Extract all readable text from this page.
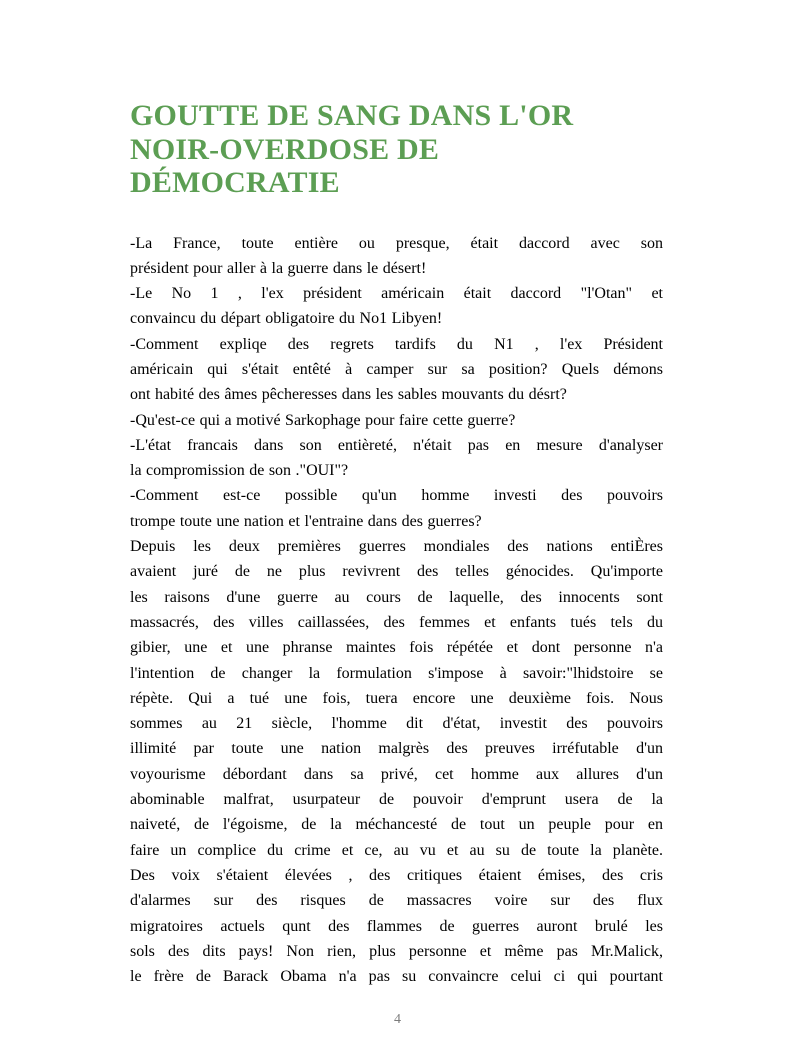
GOUTTE DE SANG DANS L'OR
NOIR-OVERDOSE DE
DÉMOCRATIE
-La France, toute entière ou presque, était daccord avec son
président pour aller à la guerre dans le désert!
-Le No 1 , l'ex président américain était daccord "l'Otan" et
convaincu du départ obligatoire du No1 Libyen!
-Comment expliqe des regrets tardifs du N1 , l'ex Président
américain qui s'était entêté à camper sur sa position? Quels démons
ont habité des âmes pêcheresses dans les sables mouvants du désrt?
-Qu'est-ce qui a motivé Sarkophage pour faire cette guerre?
-L'état francais dans son entièreté, n'était pas en mesure d'analyser
la compromission de son ."OUI"?
-Comment est-ce possible qu'un homme investi des pouvoirs
trompe toute une nation et l'entraine dans des guerres?
Depuis les deux premières guerres mondiales des nations entiÈres
avaient juré de ne plus revivrent des telles génocides. Qu'importe
les raisons d'une guerre au cours de laquelle, des innocents sont
massacrés, des villes caillassées, des femmes et enfants tués tels du
gibier, une et une phranse maintes fois répétée et dont personne n'a
l'intention de changer la formulation s'impose à savoir:"lhidstoire se
répète. Qui a tué une fois, tuera encore une deuxième fois. Nous
sommes au 21 siècle, l'homme dit d'état, investit des pouvoirs
illimité par toute une nation malgrès des preuves irréfutable d'un
voyourisme débordant dans sa privé, cet homme aux allures d'un
abominable malfrat, usurpateur de pouvoir d'emprunt usera de la
naiveté, de l'égoisme, de la méchancesté de tout un peuple pour en
faire un complice du crime et ce, au vu et au su de toute la planète.
Des voix s'étaient élevées , des critiques étaient émises, des cris
d'alarmes sur des risques de massacres voire sur des flux
migratoires actuels qunt des flammes de guerres auront brulé les
sols des dits pays! Non rien, plus personne et même pas Mr.Malick,
le frère de Barack Obama n'a pas su convaincre celui ci qui pourtant
4
